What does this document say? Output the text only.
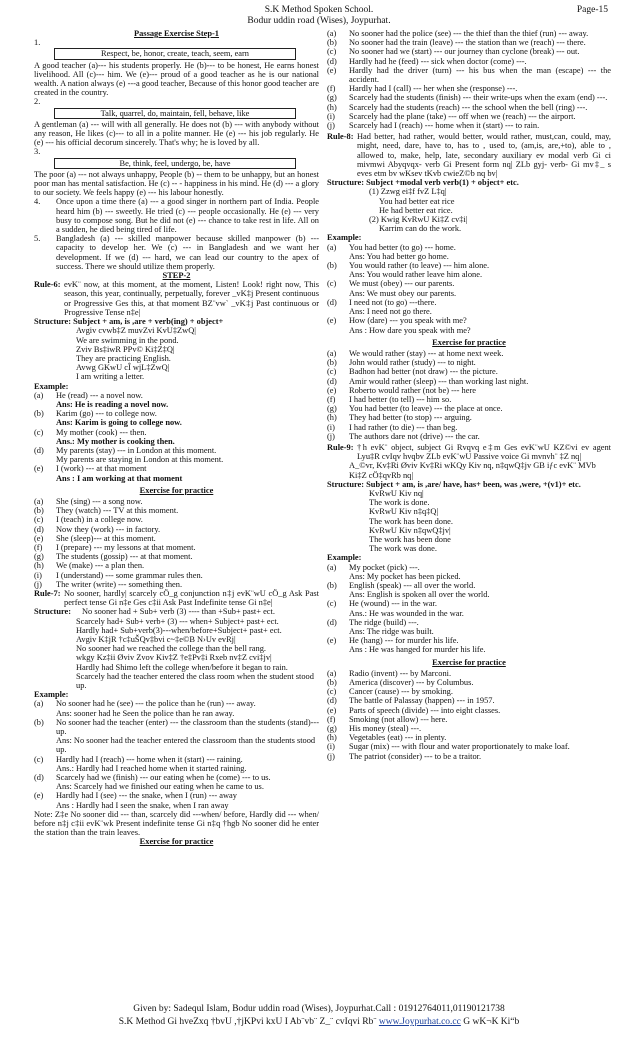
S.K Method Spoken School.	Page-15
Bodur uddin road (Wises), Joypurhat.
Passage Exercise Step-1
1.
Respect, be, honor, create, teach, seem, earn
A good teacher (a)--- his students properly. He (b)--- to be honest, He earns honest livelihood. All (c)--- him. We (e)--- proud of a good teacher as he is our national wealth. A nation always (e) ---a good teacher, Because of this honor good teacher are created in the country.
2.
Talk, quarrel, do, maintain, fell, behave, like
A gentleman (a) --- will with all generally. He does not (b) --- with anybody without any reason, He likes (c)--- to all in a polite manner. He (e) --- his job regularly. He (e) --- his official decorum sincerely. That's why; he is loved by all.
3.
Be, think, feel, undergo, be, have
The poor (a) --- not always unhappy, People (b) -- them to be unhappy, but an honest poor man has mental satisfaction. He (c) -- - happiness in his mind. He (d) --- a glory to our society. We feels happy (e) --- his labour honestly.
4.	Once upon a time there (a) --- a good singer in northern part of India. People heard him (b) --- sweetly. He tried (c) --- people occasionally. He (e) --- very busy to compose song. But he did not (e) --- chance to take rest in life. All on a sudden, he died being tired of life.
5.	Bangladesh (a) --- skilled manpower because skilled manpower (b) --- capacity to develop her. We (c) --- in Bangladesh and we want her development. If we (d) --- hard, we can lead our country to the apex of success. There we should utilize them properly.
STEP-2
Rule-6: evK¨ now, at this moment, at the moment, Listen! Look! right now, This season, this year, continually, perpetually, forever _vK‡j Present continuous or Progressive Ges this, at that moment BZ¨vw` _vK‡j Past continuous or Progressive Tense n‡e|
Structure: Subject + am, is ,are + verb(ing) + object+
Avgiv cvwb‡Z muvZvi KvU‡ZwQ|
We are swimming in the pond.
Zviv Bs‡iwR PPv© Ki‡Z‡Q|
They are practicing English.
Avwg GKwU cÎ wjL‡ZwQ|
I am writing a letter.
Example:
(a)	He (read) --- a novel now.
Ans: He is reading a novel now.
(b)	Karim (go) --- to college now.
Ans: Karim is going to college now.
(c)	My mother (cook) --- then.
Ans.: My mother is cooking then.
(d)	My parents (stay) --- in London at this moment.
My parents are staying in London at this moment.
(e)	I (work) --- at that moment
Ans : I am working at that moment
Exercise for practice
(a)	She (sing) --- a song now.
(b)	They (watch) --- TV at this moment.
(c)	I (teach) in a college now.
(d)	Now they (work) --- in factory.
(e)	She (sleep)--- at this moment.
(f)	I (prepare) --- my lessons at that moment.
(g)	The students (gossip) --- at that moment.
(h)	We (make) --- a plan then.
(i)	I (understand) --- some grammar rules then.
(j)	The writer (write) --- something then.
Rule-7: No sooner, hardly| scarcely cÖ_g conjunction n‡j evK¨wU cÖ_g Ask Past perfect tense Gi n‡e Ges c‡ii Ask Past Indefinite tense Gi n‡e|
Structure:	No sooner had + Sub+ verb (3) ---- than +Sub+ past+ ect.
Scarcely had+ Sub+ verb+ (3) --- when+ Subject+ past+ ect.
Hardly had+ Sub+verb(3)---when/before+Subject+ past+ ect.
Avgiv K‡jR †c‡uŠQv‡bvi c~‡e©B N›Uv evRj|
No sooner had we reached the college than the bell rang.
wkgy Kz‡ii Øviv Zvov Kiv‡Z †e‡Pv‡i Rxeb nv‡Z cvi‡jv|
Hardly had Shimo left the college when/before it began to rain.
Scarcely had the teacher entered the class room when the student stood up.
Example:
(a)	No sooner had he (see) --- the police than he (run) --- away.
Ans: sooner had he Seen the police than he ran away.
(b)	No sooner had the teacher (enter) --- the classroom than the students (stand)--- up.
Ans: No sooner had the teacher entered the classroom than the students stood up.
(c)	Hardly had I (reach) --- home when it (start) --- raining.
Ans.: Hardly had I reached home when it started raining.
(d)	Scarcely had we (finish) --- our eating when he (come) --- to us.
Ans: Scarcely had we finished our eating when he came to us.
(e)	Hardly had I (see) --- the snake, when I (run) --- away
Ans : Hardly had I seen the snake, when I ran away
Note: Z‡e No sooner did --- than, scarcely did ---when/ before, Hardly did --- when/ before n‡j c‡ii evK¨wk Present indefinite tense Gi n‡q †hgb No sooner did he enter the station than the train leaves.
Exercise for practice
(a)	No sooner had the police (see) --- the thief than the thief (run) --- away.
(b)	No sooner had the train (leave) --- the station than we (reach) --- there.
(c)	No sooner had we (start) --- our journey than cyclone (break) --- out.
(d)	Hardly had he (feed) --- sick when doctor (come) ---.
(e)	Hardly had the driver (turn) --- his bus when the man (escape) --- the accident.
(f)	Hardly had I (call) --- her when she (response) ---.
(g)	Scarcely had the students (finish) --- their write-ups when the exam (end) ---.
(h)	Scarcely had the students (reach) --- the school when the bell (ring) ---.
(i)	Scarcely had the plane (take) --- off when we (reach) --- the airport.
(j)	Scarcely had I (reach) --- home when it (start) --- to rain.
Rule-8: Had better, had rather, would better, would rather, must,can, could, may, might, need, dare, have to, has to , used to, (am,is, are,+to), able to , allowed to, make, help, late, secondary auxiliary ev modal verb Gi ci mivmwi Abyqvqx- verb Gi Present form nq| ZLb gyj- verb- Gi mv‡_ s eves etm bv wKsev tKvb cwieZ©b nq bv|
Structure: Subject +modal verb verb(1) + object+ etc.
(1) Zzwg ei‡f fvZ L‡q|
You had better eat rice
He had better eat rice.
(2) Kwig KvRwU Ki‡Z cv‡i|
Karrim can do the work.
Example:
(a)	You had better (to go) --- home.
Ans: You had better go home.
(b)	You would rather (to leave) --- him alone.
Ans: You would rather leave him alone.
(c)	We must (obey) --- our parents.
Ans: We must obey our parents.
(d)	I need not (to go) ---there.
Ans: I need not go there.
(e)	How (dare) --- you speak with me?
Ans : How dare you speak with me?
Exercise for practice
(a)	We would rather (stay) --- at home next week.
(b)	John would rather (study) --- to night.
(c)	Badhon had better (not draw) --- the picture.
(d)	Amir would rather (sleep) --- than working last night.
(e)	Roberto would rather (not be) --- here
(f)	I had better (to tell) --- him so.
(g)	You had better (to leave) --- the place at once.
(h)	They had better (to stop) --- arguing.
(i)	I had rather (to die) --- than beg.
(j)	The authors dare not (drive) --- the car.
Rule-9: †h evK¨ object, subject Gi Rvqvq e‡m Ges evK¨wU KZ©vi ev agent Lyu‡R cvIqv hvqbv ZLb evK¨wU Passive voice Gi mvnvh¨ ‡Z nq|
A_©vr, Kv‡Ri Øviv Kv‡Ri wKQy Kiv nq, n‡qwQ‡jv GB iƒc evK¨ MVb Ki‡Z cÖ‡qvRb nq|
Structure: Subject + am, is ,are/ have, has+ been, was ,were, +(v1)+ etc.
KvRwU Kiv nq|
The work is done.
KvRwU Kiv n‡q‡Q|
The work has been done.
KvRwU Kiv n‡qwQ‡jv|
The work has been done
The work was done.
Example:
(a)	My pocket (pick) ---.
Ans: My pocket has been picked.
(b)	English (speak) --- all over the world.
Ans: English is spoken all over the world.
(c)	He (wound) --- in the war.
Ans.: He was wounded in the war.
(d)	The ridge (build) ---.
Ans: The ridge was built.
(e)	He (hang) --- for murder his life.
Ans : He was hanged for murder his life.
Exercise for practice
(a)	Radio (invent) --- by Marconi.
(b)	America (discover) --- by Columbus.
(c)	Cancer (cause) --- by smoking.
(d)	The battle of Palassay (happen) --- in 1957.
(e)	Parts of speech (divide) --- into eight classes.
(f)	Smoking (not allow) --- here.
(g)	His money (steal) ---.
(h)	Vegetables (eat) --- in plenty.
(i)	Sugar (mix) --- with flour and water proportionately to make loaf.
(j)	The patriot (consider) --- to be a traitor.
Given by: Sadequl Islam, Bodur uddin road (Wises), Joypurhat.Call : 01912764011,01190121738
S.K Method Gi hveZxq †bvU ,†jKPvi kxU I Ab¨vb¨ Z_¨ cvIqvi Rb¨ www.Joypurhat.co.cc G wK¬K Ki“b
